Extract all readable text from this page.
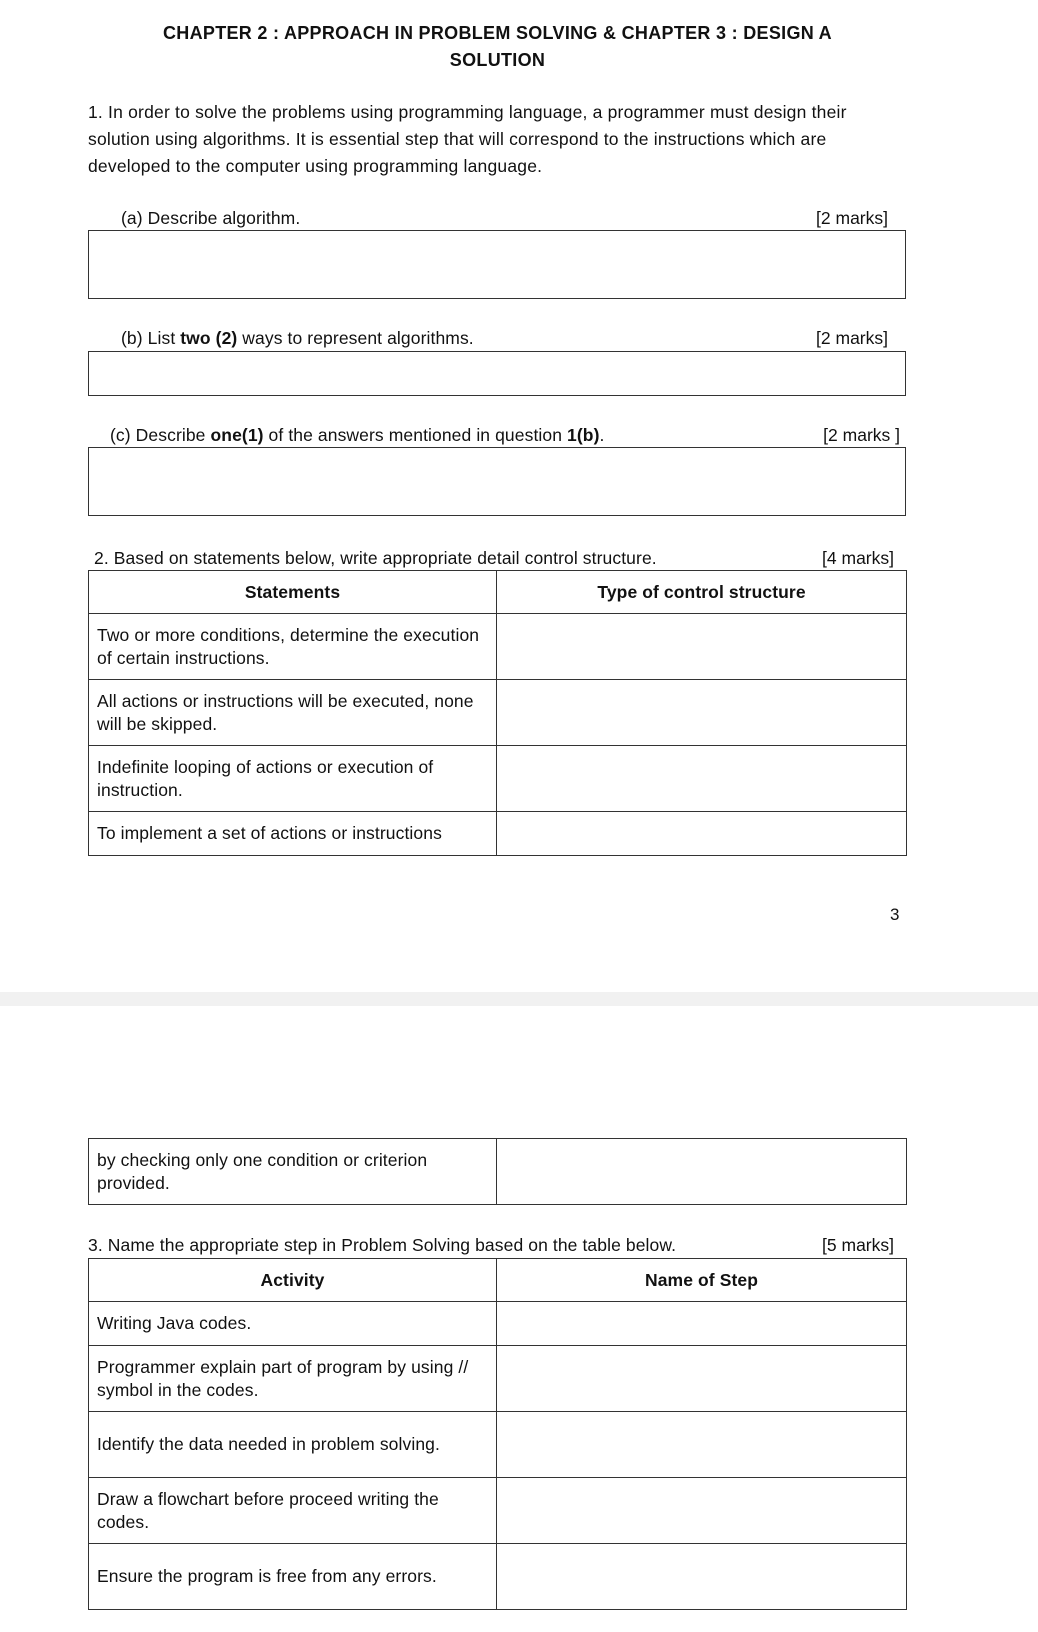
CHAPTER 2 : APPROACH IN PROBLEM SOLVING & CHAPTER 3 : DESIGN A
SOLUTION
1. In order to solve the problems using programming language, a programmer must design their solution using algorithms. It is essential step that will correspond to the instructions which are developed to the computer using programming language.
(a) Describe algorithm.	[2 marks]
(b) List two (2) ways to represent algorithms.	[2 marks]
(c) Describe one(1) of the answers mentioned in question 1(b).	[2 marks ]
2. Based on statements below, write appropriate detail control structure.	[4 marks]
Statements	Type of control structure
Two or more conditions, determine the execution of certain instructions.	
All actions or instructions will be executed, none will be skipped.	
Indefinite looping of actions or execution of instruction.	
To implement a set of actions or instructions	
3
by checking only one condition or criterion provided.	
3. Name the appropriate step in Problem Solving based on the table below.	[5 marks]
Activity	Name of Step
Writing Java codes.	
Programmer explain part of program by using // symbol in the codes.	
Identify the data needed in problem solving.	
Draw a flowchart before proceed writing the codes.	
Ensure the program is free from any errors.	
